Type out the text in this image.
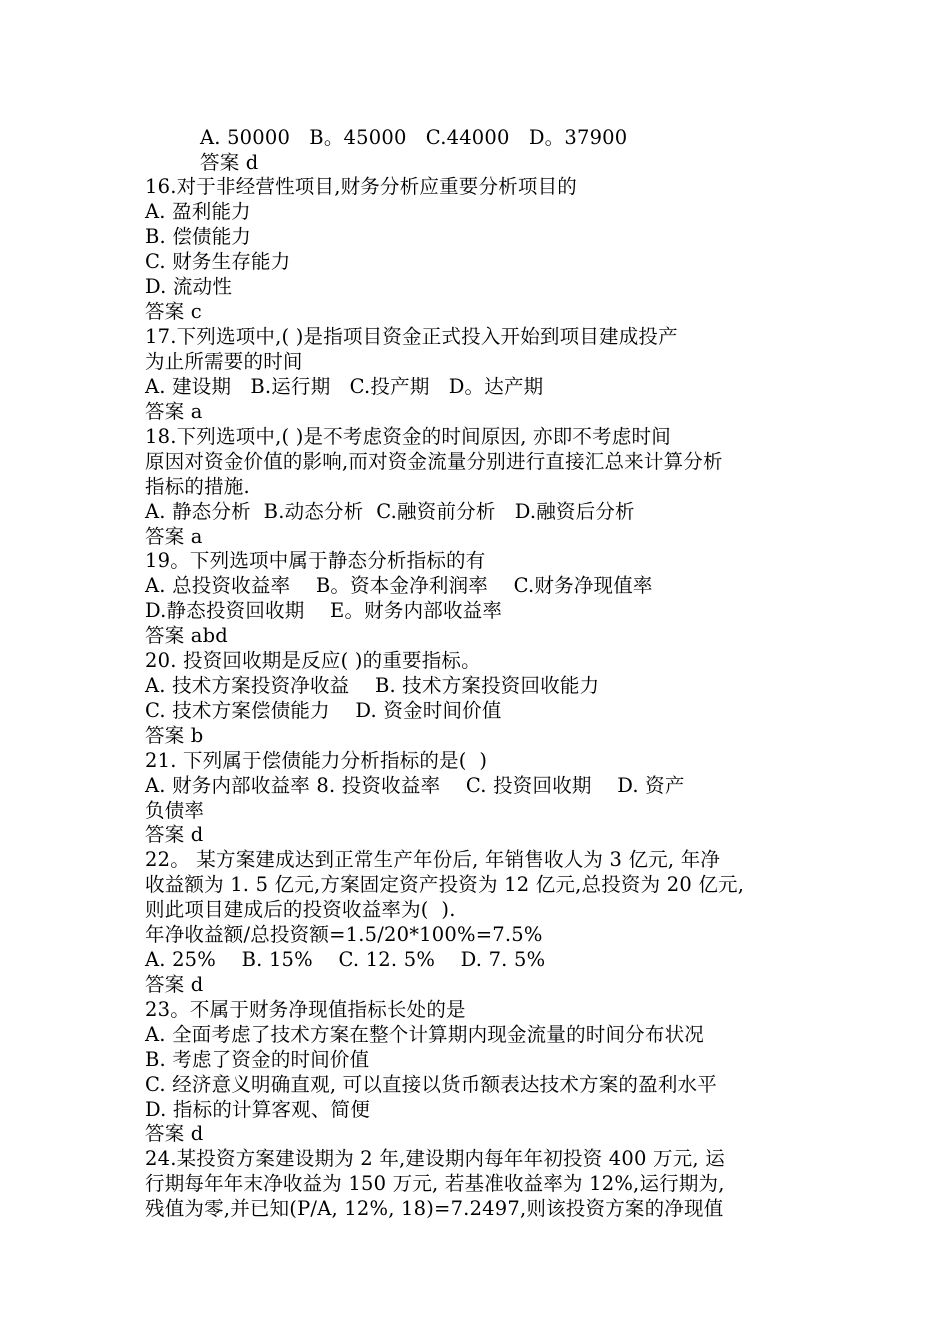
A. 50000   B。45000   C.44000   D。37900
答案 d
16.对于非经营性项目,财务分析应重要分析项目的
A. 盈利能力
B. 偿债能力
C. 财务生存能力
D. 流动性
答案 c
17.下列选项中,( )是指项目资金正式投入开始到项目建成投产
为止所需要的时间
A. 建设期   B.运行期   C.投产期   D。达产期
答案 a
18.下列选项中,( )是不考虑资金的时间原因, 亦即不考虑时间
原因对资金价值的影响,而对资金流量分别进行直接汇总来计算分析
指标的措施.
A. 静态分析  B.动态分析  C.融资前分析   D.融资后分析
答案 a
19。下列选项中属于静态分析指标的有
A. 总投资收益率    B。资本金净利润率    C.财务净现值率
D.静态投资回收期    E。财务内部收益率
答案 abd
20. 投资回收期是反应( )的重要指标。
A. 技术方案投资净收益    B. 技术方案投资回收能力
C. 技术方案偿债能力    D. 资金时间价值
答案 b
21. 下列属于偿债能力分析指标的是(  )
A. 财务内部收益率 8. 投资收益率    C. 投资回收期    D. 资产
负债率
答案 d
22。 某方案建成达到正常生产年份后, 年销售收人为 3 亿元, 年净
收益额为 1. 5 亿元,方案固定资产投资为 12 亿元,总投资为 20 亿元,
则此项目建成后的投资收益率为(  ).
年净收益额/总投资额=1.5/20*100%=7.5%
A. 25%    B. 15%    C. 12. 5%    D. 7. 5%
答案 d
23。不属于财务净现值指标长处的是
A. 全面考虑了技术方案在整个计算期内现金流量的时间分布状况
B. 考虑了资金的时间价值
C. 经济意义明确直观, 可以直接以货币额表达技术方案的盈利水平
D. 指标的计算客观、简便
答案 d
24.某投资方案建设期为 2 年,建设期内每年年初投资 400 万元, 运
行期每年年末净收益为 150 万元, 若基准收益率为 12%,运行期为,
残值为零,并已知(P/A, 12%, 18)=7.2497,则该投资方案的净现值
